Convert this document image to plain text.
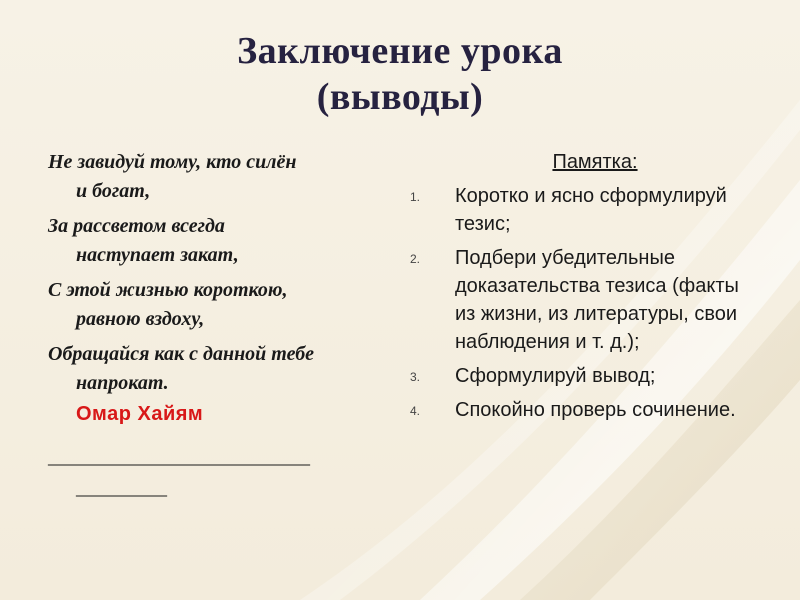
Заключение урока
(выводы)
Не завидуй тому, кто силён
и богат,
За рассветом всегда
наступает закат,
С этой жизнью короткою,
равною вздоху,
Обращайся как с данной тебе
напрокат.
Омар Хайям
_____________________________
__________
Памятка:
1. Коротко и ясно сформулируй тезис;
2. Подбери убедительные доказательства тезиса (факты из жизни, из литературы, свои наблюдения и т. д.);
3. Сформулируй вывод;
4. Спокойно проверь сочинение.
